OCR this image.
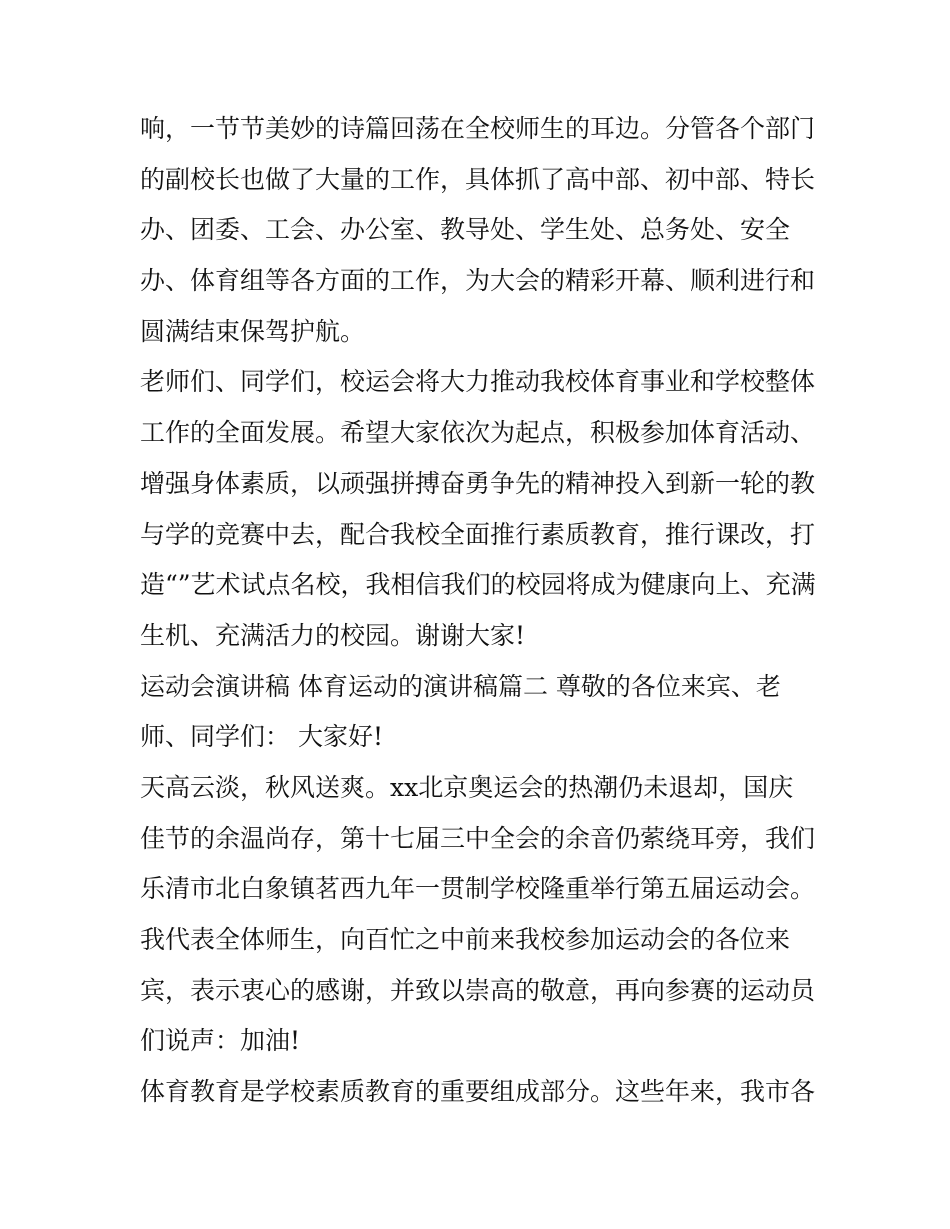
响，一节节美妙的诗篇回荡在全校师生的耳边。分管各个部门
的副校长也做了大量的工作，具体抓了高中部、初中部、特长
办、团委、工会、办公室、教导处、学生处、总务处、安全
办、体育组等各方面的工作，为大会的精彩开幕、顺利进行和
圆满结束保驾护航。
老师们、同学们，校运会将大力推动我校体育事业和学校整体
工作的全面发展。希望大家依次为起点，积极参加体育活动、
增强身体素质，以顽强拼搏奋勇争先的精神投入到新一轮的教
与学的竞赛中去，配合我校全面推行素质教育，推行课改，打
造“”艺术试点名校，我相信我们的校园将成为健康向上、充满
生机、充满活力的校园。谢谢大家!
运动会演讲稿 体育运动的演讲稿篇二 尊敬的各位来宾、老
师、同学们： 大家好!
天高云淡，秋风送爽。xx北京奥运会的热潮仍未退却，国庆
佳节的余温尚存，第十七届三中全会的余音仍萦绕耳旁，我们
乐清市北白象镇茗西九年一贯制学校隆重举行第五届运动会。
我代表全体师生，向百忙之中前来我校参加运动会的各位来
宾，表示衷心的感谢，并致以崇高的敬意，再向参赛的运动员
们说声：加油!
体育教育是学校素质教育的重要组成部分。这些年来，我市各
